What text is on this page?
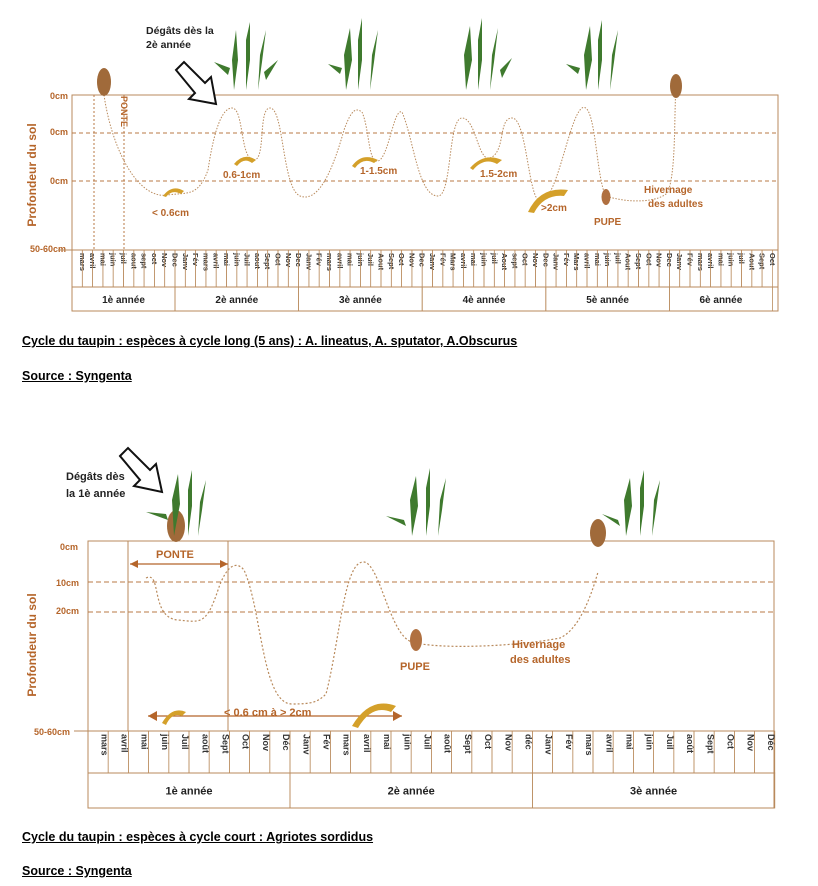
Profondeur du sol
0cm
0cm
0cm
50-60cm
mars avril mai juin juil aout sept oct Nov Dec Janv Fév mars avril mai juin Juil aout Sept Oct Nov Dec Janv Fév mars avril mai juin Juil Aout Sept Oct Nov Dec Janv Fév Mars avril mai juin juil Aout sept Oct Nov Dec Janv Fév Mars avril mai juin juil Aout Sept Oct Nov Dec Janv Fév mars avril mai juin juil Aout Sept Oct
1è année	2è année	3è année	4è année	5è année	6è année
PONTE
< 0.6cm
0.6-1cm	1-1.5cm	1.5-2cm
>2cm
PUPE
Hivernage
des adultes
Dégâts dès la
2è année
Cycle du taupin : espèces à cycle long (5 ans) : A. lineatus, A. sputator, A.Obscurus
Source : Syngenta
Profondeur du sol
0cm
10cm
20cm
50-60cm
mars avril mai juin Juil août Sept Oct Nov Déc Janv Fév mars avril mai juin Juil août Sept Oct Nov déc Janv Fév mars avril mai juin Juil août Sept Oct Nov Déc
1è année	2è année	3è année
PONTE
< 0.6 cm à > 2cm
PUPE
Hivernage
des adultes
Dégâts dès
la 1è année
Cycle du taupin : espèces à cycle court : Agriotes sordidus
Source : Syngenta
